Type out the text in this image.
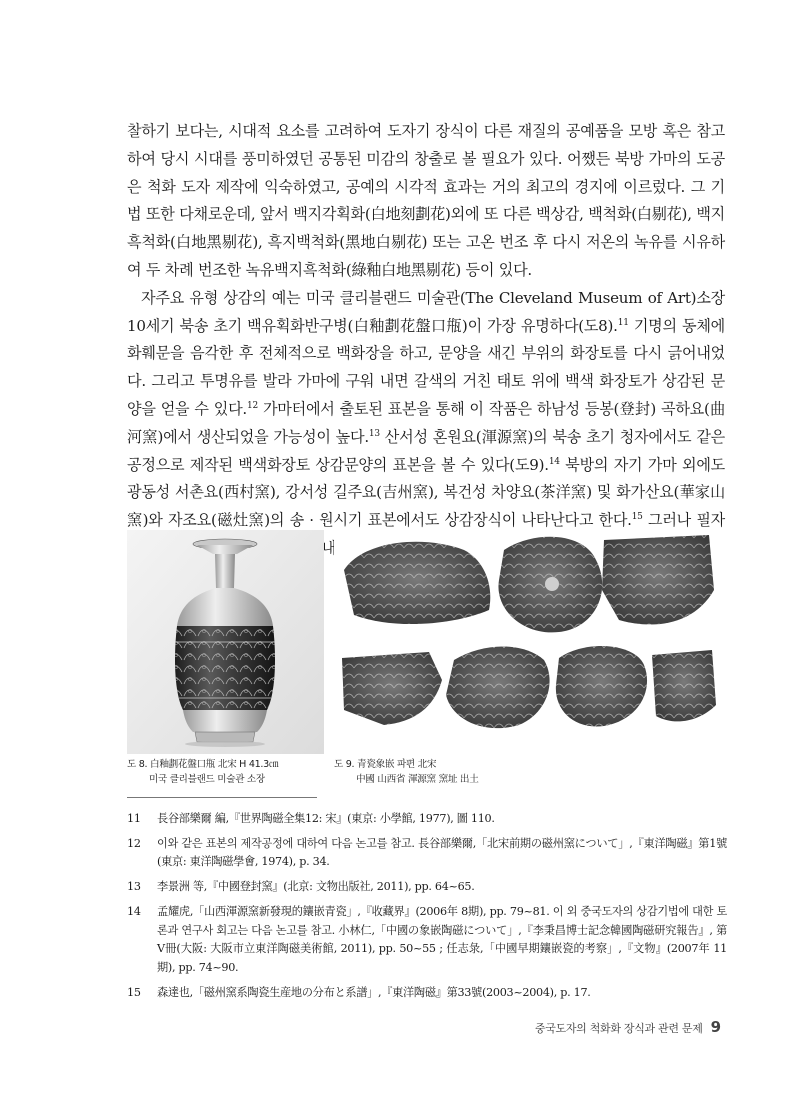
찰하기 보다는, 시대적 요소를 고려하여 도자기 장식이 다른 재질의 공예품을 모방 혹은 참고하여 당시 시대를 풍미하였던 공통된 미감의 창출로 볼 필요가 있다. 어쨌든 북방 가마의 도공은 척화 도자 제작에 익숙하였고, 공예의 시각적 효과는 거의 최고의 경지에 이르렀다. 그 기법 또한 다채로운데, 앞서 백지각획화(白地刻劃花)외에 또 다른 백상감, 백척화(白剔花), 백지흑척화(白地黑剔花), 흑지백척화(黑地白剔花) 또는 고온 번조 후 다시 저온의 녹유를 시유하여 두 차례 번조한 녹유백지흑척화(綠釉白地黑剔花) 등이 있다.

자주요 유형 상감의 예는 미국 클리블랜드 미술관(The Cleveland Museum of Art)소장 10세기 북송 초기 백유획화반구병(白釉劃花盤口甁)이 가장 유명하다(도8).$^{11}$ 기명의 동체에 화훼문을 음각한 후 전체적으로 백화장을 하고, 문양을 새긴 부위의 화장토를 다시 긁어내었다. 그리고 투명유를 발라 가마에 구워 내면 갈색의 거친 태토 위에 백색 화장토가 상감된 문양을 얻을 수 있다.$^{12}$ 가마터에서 출토된 표본을 통해 이 작품은 하남성 등봉(登封) 곡하요(曲河窯)에서 생산되었을 가능성이 높다.$^{13}$ 산서성 혼원요(渾源窯)의 북송 초기 청자에서도 같은 공정으로 제작된 백색화장토 상감문양의 표본을 볼 수 있다(도9).$^{14}$ 북방의 자기 가마 외에도 광동성 서촌요(西村窯), 강서성 길주요(吉州窯), 복건성 차양요(茶洋窯) 및 화가산요(華家山窯)와 자조요(磁灶窯)의 송 · 원시기 표본에서도 상감장식이 나타난다고 한다.$^{15}$ 그러나 필자

도 8. 白釉劃花盤口甁 北宋 H 41.3㎝
미국 클리블랜드 미술관 소장
도 9. 青瓷象嵌 파편 北宋
中國 山西省 渾源窯 窯址 出土
11	長谷部樂爾 編,『世界陶磁全集12: 宋』(東京: 小學館, 1977), 圖 110.
12	이와 같은 표본의 제작공정에 대하여 다음 논고를 참고. 長谷部樂爾,「北宋前期の磁州窯について」,『東洋陶磁』第1號(東京: 東洋陶磁學會, 1974), p. 34.
13	李景洲 等,『中國登封窯』(北京: 文物出版社, 2011), pp. 64~65.
14	孟耀虎,「山西渾源窯新發現的鑲嵌青瓷」,『收藏界』(2006年 8期), pp. 79~81. 이 외 중국도자의 상감기법에 대한 토론과 연구사 회고는 다음 논고를 참고. 小林仁,「中國の象嵌陶磁について」,『李秉昌博士記念韓國陶磁研究報告』, 第V冊(大阪: 大阪市立東洋陶磁美術館, 2011), pp. 50~55 ; 任志彔,「中國早期鑲嵌瓷的考察」,『文物』(2007年 11期), pp. 74~90.
15	森達也,「磁州窯系陶瓷生産地の分布と系譜」,『東洋陶磁』第33號(2003~2004), p. 17.
중국도자의 척화화 장식과 관련 문제 9
